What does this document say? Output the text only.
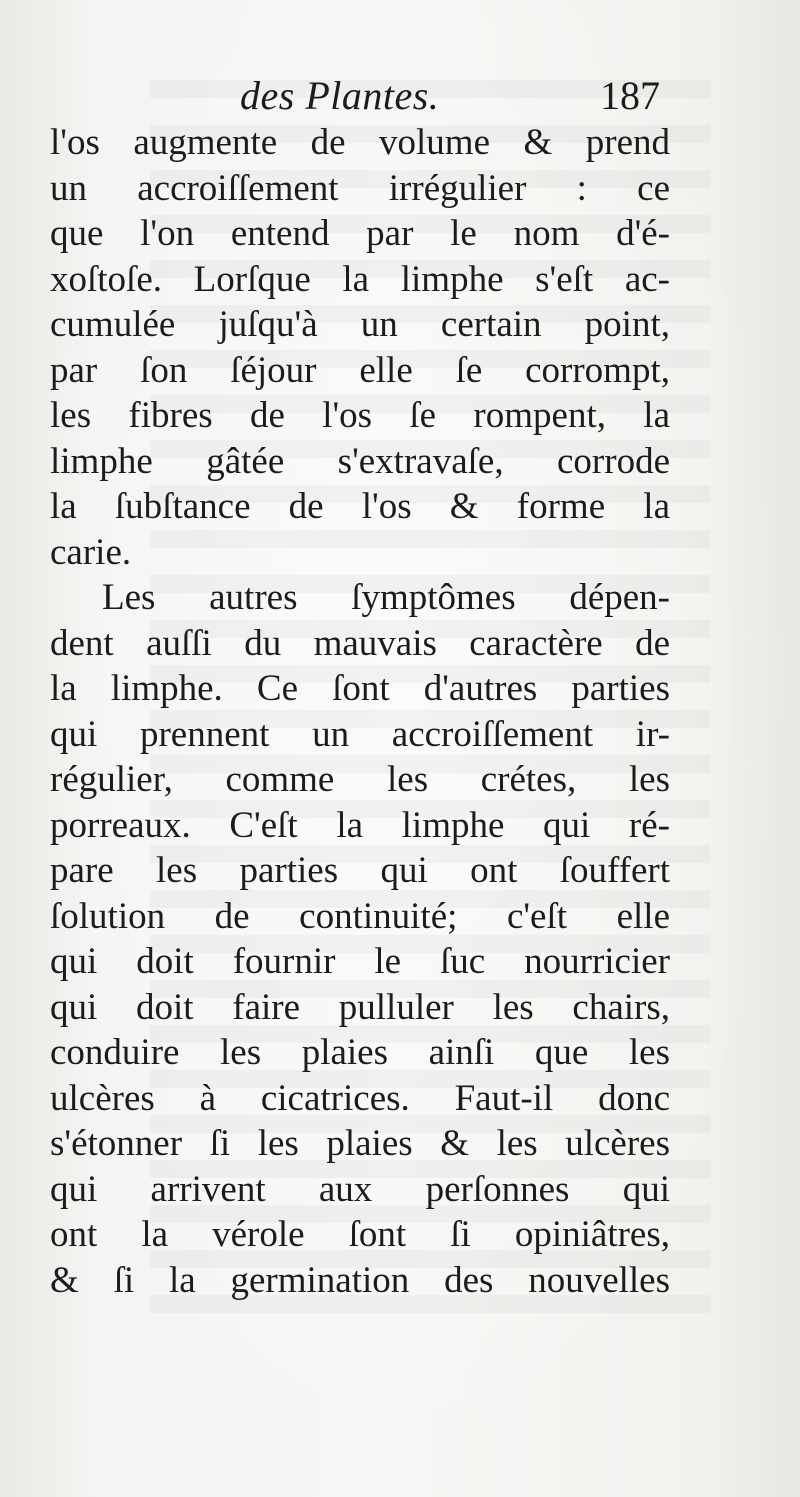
des Plantes.	187
l'os augmente de volume & prend
un accroiſſement irrégulier : ce
que l'on entend par le nom d'é-
xoſtoſe. Lorſque la limphe s'eſt ac-
cumulée juſqu'à un certain point,
par ſon ſéjour elle ſe corrompt,
les fibres de l'os ſe rompent, la
limphe gâtée s'extravaſe, corrode
la ſubſtance de l'os & forme la
carie.
Les autres ſymptômes dépen-
dent auſſi du mauvais caractère de
la limphe. Ce ſont d'autres parties
qui prennent un accroiſſement ir-
régulier, comme les crétes, les
porreaux. C'eſt la limphe qui ré-
pare les parties qui ont ſouffert
ſolution de continuité; c'eſt elle
qui doit fournir le ſuc nourricier
qui doit faire pulluler les chairs,
conduire les plaies ainſi que les
ulcères à cicatrices. Faut-il donc
s'étonner ſi les plaies & les ulcères
qui arrivent aux perſonnes qui
ont la vérole ſont ſi opiniâtres,
& ſi la germination des nouvelles
